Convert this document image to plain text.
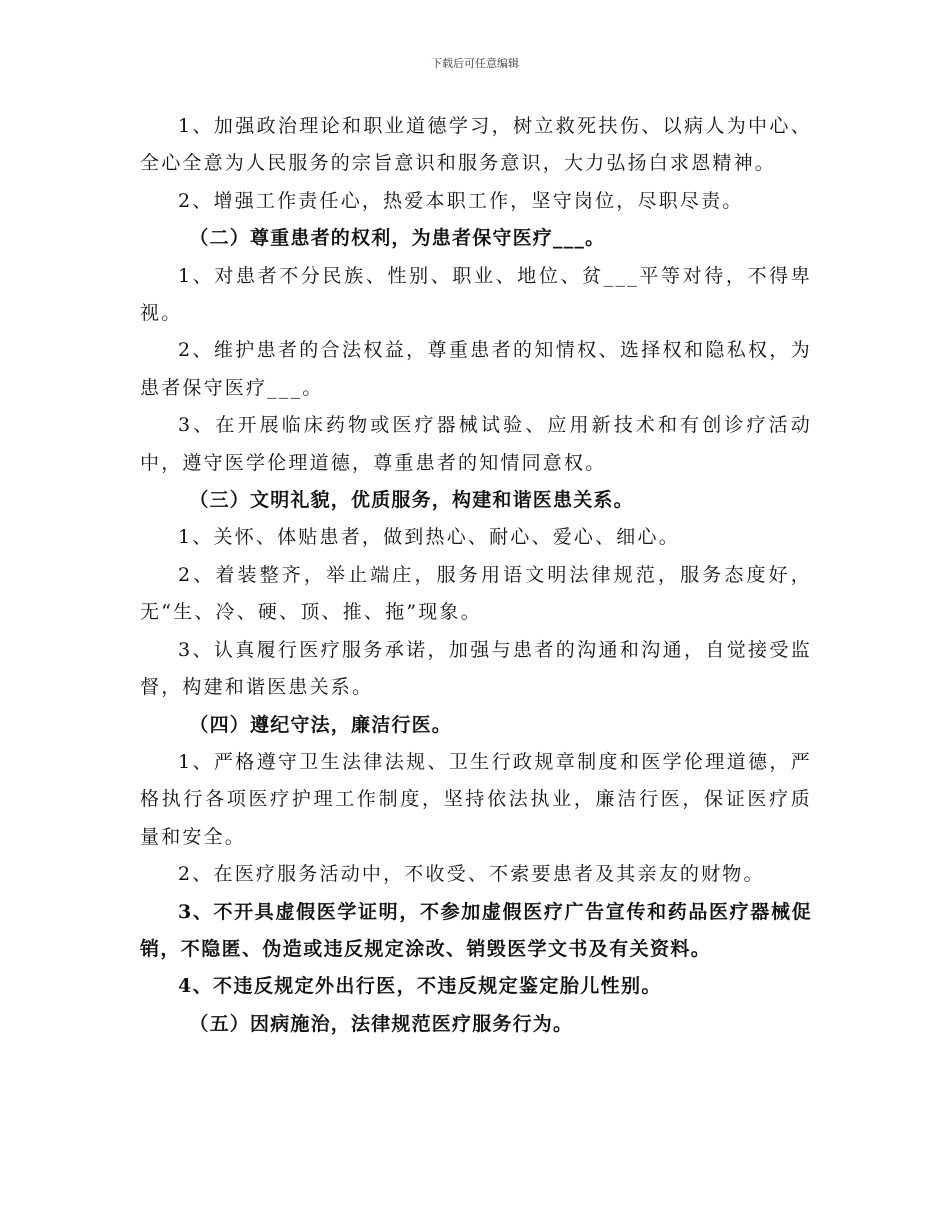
下载后可任意编辑

1、加强政治理论和职业道德学习，树立救死扶伤、以病人为中心、全心全意为人民服务的宗旨意识和服务意识，大力弘扬白求恩精神。

2、增强工作责任心，热爱本职工作，坚守岗位，尽职尽责。

（二）尊重患者的权利，为患者保守医疗___。

1、对患者不分民族、性别、职业、地位、贫___平等对待，不得卑视。

2、维护患者的合法权益，尊重患者的知情权、选择权和隐私权，为患者保守医疗___。

3、在开展临床药物或医疗器械试验、应用新技术和有创诊疗活动中，遵守医学伦理道德，尊重患者的知情同意权。

（三）文明礼貌，优质服务，构建和谐医患关系。

1、关怀、体贴患者，做到热心、耐心、爱心、细心。

2、着装整齐，举止端庄，服务用语文明法律规范，服务态度好，无“生、冷、硬、顶、推、拖”现象。

3、认真履行医疗服务承诺，加强与患者的沟通和沟通，自觉接受监督，构建和谐医患关系。

（四）遵纪守法，廉洁行医。

1、严格遵守卫生法律法规、卫生行政规章制度和医学伦理道德，严格执行各项医疗护理工作制度，坚持依法执业，廉洁行医，保证医疗质量和安全。

2、在医疗服务活动中，不收受、不索要患者及其亲友的财物。

3、不开具虚假医学证明，不参加虚假医疗广告宣传和药品医疗器械促销，不隐匿、伪造或违反规定涂改、销毁医学文书及有关资料。

4、不违反规定外出行医，不违反规定鉴定胎儿性别。

（五）因病施治，法律规范医疗服务行为。
